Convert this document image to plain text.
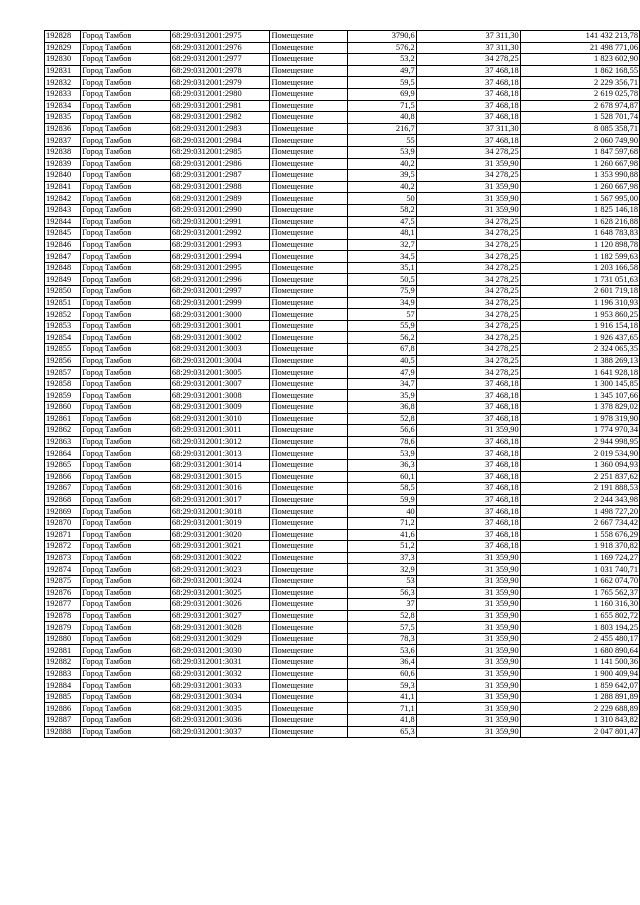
192828	Город Тамбов	68:29:0312001:2975	Помещение	3790,6	37 311,30	141 432 213,78
192829	Город Тамбов	68:29:0312001:2976	Помещение	576,2	37 311,30	21 498 771,06
192830	Город Тамбов	68:29:0312001:2977	Помещение	53,2	34 278,25	1 823 602,90
192831	Город Тамбов	68:29:0312001:2978	Помещение	49,7	37 468,18	1 862 168,55
192832	Город Тамбов	68:29:0312001:2979	Помещение	59,5	37 468,18	2 229 356,71
192833	Город Тамбов	68:29:0312001:2980	Помещение	69,9	37 468,18	2 619 025,78
192834	Город Тамбов	68:29:0312001:2981	Помещение	71,5	37 468,18	2 678 974,87
192835	Город Тамбов	68:29:0312001:2982	Помещение	40,8	37 468,18	1 528 701,74
192836	Город Тамбов	68:29:0312001:2983	Помещение	216,7	37 311,30	8 085 358,71
192837	Город Тамбов	68:29:0312001:2984	Помещение	55	37 468,18	2 060 749,90
192838	Город Тамбов	68:29:0312001:2985	Помещение	53,9	34 278,25	1 847 597,68
192839	Город Тамбов	68:29:0312001:2986	Помещение	40,2	31 359,90	1 260 667,98
192840	Город Тамбов	68:29:0312001:2987	Помещение	39,5	34 278,25	1 353 990,88
192841	Город Тамбов	68:29:0312001:2988	Помещение	40,2	31 359,90	1 260 667,98
192842	Город Тамбов	68:29:0312001:2989	Помещение	50	31 359,90	1 567 995,00
192843	Город Тамбов	68:29:0312001:2990	Помещение	58,2	31 359,90	1 825 146,18
192844	Город Тамбов	68:29:0312001:2991	Помещение	47,5	34 278,25	1 628 216,88
192845	Город Тамбов	68:29:0312001:2992	Помещение	48,1	34 278,25	1 648 783,83
192846	Город Тамбов	68:29:0312001:2993	Помещение	32,7	34 278,25	1 120 898,78
192847	Город Тамбов	68:29:0312001:2994	Помещение	34,5	34 278,25	1 182 599,63
192848	Город Тамбов	68:29:0312001:2995	Помещение	35,1	34 278,25	1 203 166,58
192849	Город Тамбов	68:29:0312001:2996	Помещение	50,5	34 278,25	1 731 051,63
192850	Город Тамбов	68:29:0312001:2997	Помещение	75,9	34 278,25	2 601 719,18
192851	Город Тамбов	68:29:0312001:2999	Помещение	34,9	34 278,25	1 196 310,93
192852	Город Тамбов	68:29:0312001:3000	Помещение	57	34 278,25	1 953 860,25
192853	Город Тамбов	68:29:0312001:3001	Помещение	55,9	34 278,25	1 916 154,18
192854	Город Тамбов	68:29:0312001:3002	Помещение	56,2	34 278,25	1 926 437,65
192855	Город Тамбов	68:29:0312001:3003	Помещение	67,8	34 278,25	2 324 065,35
192856	Город Тамбов	68:29:0312001:3004	Помещение	40,5	34 278,25	1 388 269,13
192857	Город Тамбов	68:29:0312001:3005	Помещение	47,9	34 278,25	1 641 928,18
192858	Город Тамбов	68:29:0312001:3007	Помещение	34,7	37 468,18	1 300 145,85
192859	Город Тамбов	68:29:0312001:3008	Помещение	35,9	37 468,18	1 345 107,66
192860	Город Тамбов	68:29:0312001:3009	Помещение	36,8	37 468,18	1 378 829,02
192861	Город Тамбов	68:29:0312001:3010	Помещение	52,8	37 468,18	1 978 319,90
192862	Город Тамбов	68:29:0312001:3011	Помещение	56,6	31 359,90	1 774 970,34
192863	Город Тамбов	68:29:0312001:3012	Помещение	78,6	37 468,18	2 944 998,95
192864	Город Тамбов	68:29:0312001:3013	Помещение	53,9	37 468,18	2 019 534,90
192865	Город Тамбов	68:29:0312001:3014	Помещение	36,3	37 468,18	1 360 094,93
192866	Город Тамбов	68:29:0312001:3015	Помещение	60,1	37 468,18	2 251 837,62
192867	Город Тамбов	68:29:0312001:3016	Помещение	58,5	37 468,18	2 191 888,53
192868	Город Тамбов	68:29:0312001:3017	Помещение	59,9	37 468,18	2 244 343,98
192869	Город Тамбов	68:29:0312001:3018	Помещение	40	37 468,18	1 498 727,20
192870	Город Тамбов	68:29:0312001:3019	Помещение	71,2	37 468,18	2 667 734,42
192871	Город Тамбов	68:29:0312001:3020	Помещение	41,6	37 468,18	1 558 676,29
192872	Город Тамбов	68:29:0312001:3021	Помещение	51,2	37 468,18	1 918 370,82
192873	Город Тамбов	68:29:0312001:3022	Помещение	37,3	31 359,90	1 169 724,27
192874	Город Тамбов	68:29:0312001:3023	Помещение	32,9	31 359,90	1 031 740,71
192875	Город Тамбов	68:29:0312001:3024	Помещение	53	31 359,90	1 662 074,70
192876	Город Тамбов	68:29:0312001:3025	Помещение	56,3	31 359,90	1 765 562,37
192877	Город Тамбов	68:29:0312001:3026	Помещение	37	31 359,90	1 160 316,30
192878	Город Тамбов	68:29:0312001:3027	Помещение	52,8	31 359,90	1 655 802,72
192879	Город Тамбов	68:29:0312001:3028	Помещение	57,5	31 359,90	1 803 194,25
192880	Город Тамбов	68:29:0312001:3029	Помещение	78,3	31 359,90	2 455 480,17
192881	Город Тамбов	68:29:0312001:3030	Помещение	53,6	31 359,90	1 680 890,64
192882	Город Тамбов	68:29:0312001:3031	Помещение	36,4	31 359,90	1 141 500,36
192883	Город Тамбов	68:29:0312001:3032	Помещение	60,6	31 359,90	1 900 409,94
192884	Город Тамбов	68:29:0312001:3033	Помещение	59,3	31 359,90	1 859 642,07
192885	Город Тамбов	68:29:0312001:3034	Помещение	41,1	31 359,90	1 288 891,89
192886	Город Тамбов	68:29:0312001:3035	Помещение	71,1	31 359,90	2 229 688,89
192887	Город Тамбов	68:29:0312001:3036	Помещение	41,8	31 359,90	1 310 843,82
192888	Город Тамбов	68:29:0312001:3037	Помещение	65,3	31 359,90	2 047 801,47
